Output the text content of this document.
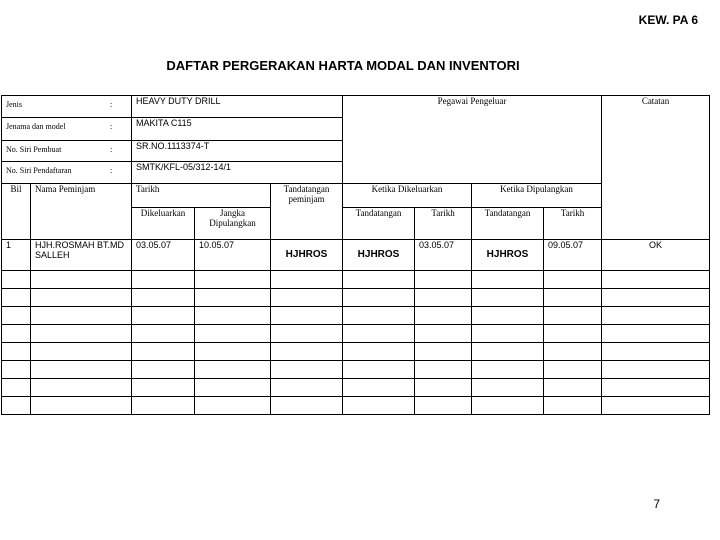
KEW. PA 6
DAFTAR PERGERAKAN HARTA MODAL DAN INVENTORI
Jenis :		HEAVY DUTY DRILL			Pegawai Pengeluar				Catatan

Jenama dan model :		MAKITA C115							

No. Siri Pembuat :		SR.NO.1113374-T							

No. Siri Pendaftaran :		SMTK/KFL-05/312-14/1							
Bil	Nama Peminjam	Tarikh		Tandatangan peminjam	Ketika Dikeluarkan		Ketika Dipulangkan		
		Dikeluarkan	Jangka Dipulangkan		Tandatangan	Tarikh	Tandatangan	Tarikh	
1	HJH.ROSMAH BT.MD SALLEH	03.05.07	10.05.07	HJHROS	HJHROS	03.05.07	HJHROS	09.05.07	OK

7
